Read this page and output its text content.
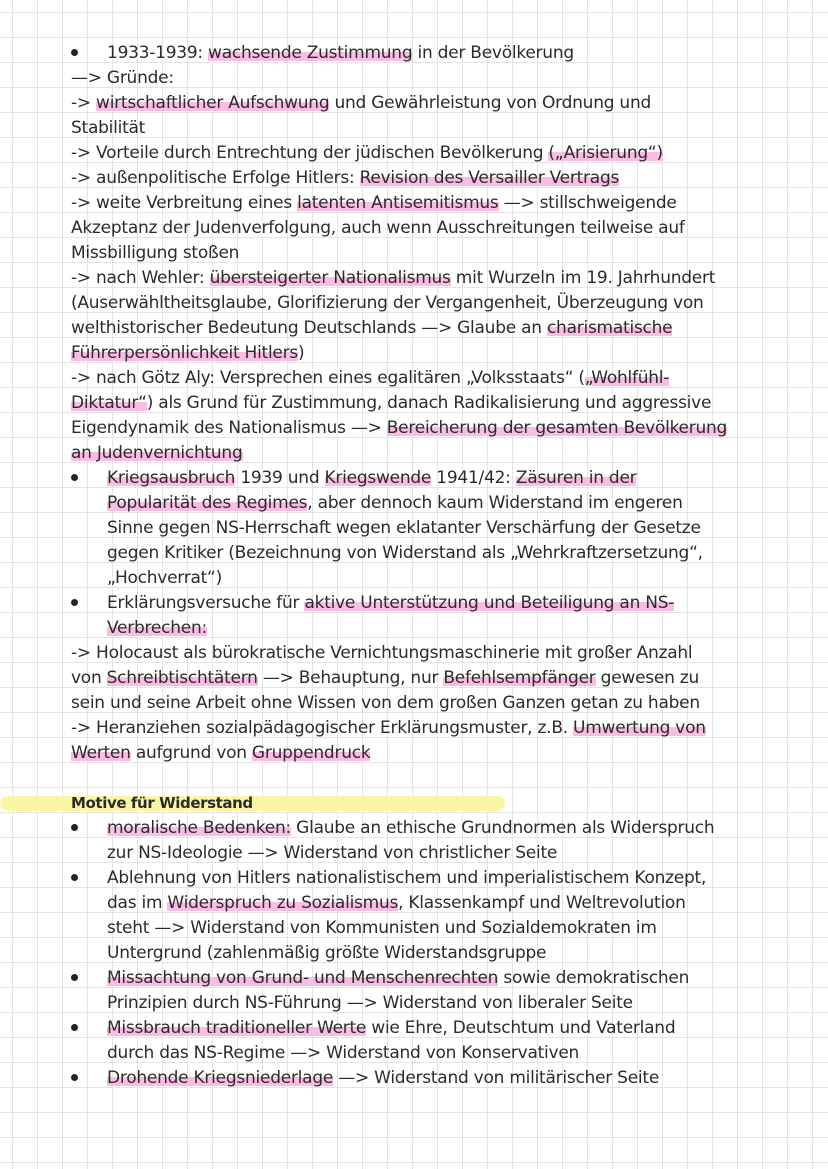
1933-1939: wachsende Zustimmung in der Bevölkerung
—> Gründe:
-> wirtschaftlicher Aufschwung und Gewährleistung von Ordnung und
Stabilität
-> Vorteile durch Entrechtung der jüdischen Bevölkerung („Arisierung“)
-> außenpolitische Erfolge Hitlers: Revision des Versailler Vertrags
-> weite Verbreitung eines latenten Antisemitismus —> stillschweigende
Akzeptanz der Judenverfolgung, auch wenn Ausschreitungen teilweise auf
Missbilligung stoßen
-> nach Wehler: übersteigerter Nationalismus mit Wurzeln im 19. Jahrhundert
(Auserwähltheitsglaube, Glorifizierung der Vergangenheit, Überzeugung von
welthistorischer Bedeutung Deutschlands —> Glaube an charismatische
Führerpersönlichkeit Hitlers)
-> nach Götz Aly: Versprechen eines egalitären „Volksstaats“ („Wohlfühl-
Diktatur“) als Grund für Zustimmung, danach Radikalisierung und aggressive
Eigendynamik des Nationalismus —> Bereicherung der gesamten Bevölkerung
an Judenvernichtung
Kriegsausbruch 1939 und Kriegswende 1941/42: Zäsuren in der
Popularität des Regimes, aber dennoch kaum Widerstand im engeren
Sinne gegen NS-Herrschaft wegen eklatanter Verschärfung der Gesetze
gegen Kritiker (Bezeichnung von Widerstand als „Wehrkraftzersetzung“,
„Hochverrat“)
Erklärungsversuche für aktive Unterstützung und Beteiligung an NS-
Verbrechen:
-> Holocaust als bürokratische Vernichtungsmaschinerie mit großer Anzahl
von Schreibtischtätern —> Behauptung, nur Befehlsempfänger gewesen zu
sein und seine Arbeit ohne Wissen von dem großen Ganzen getan zu haben
-> Heranziehen sozialpädagogischer Erklärungsmuster, z.B. Umwertung von
Werten aufgrund von Gruppendruck
Motive für Widerstand
moralische Bedenken: Glaube an ethische Grundnormen als Widerspruch
zur NS-Ideologie —> Widerstand von christlicher Seite
Ablehnung von Hitlers nationalistischem und imperialistischem Konzept,
das im Widerspruch zu Sozialismus, Klassenkampf und Weltrevolution
steht —> Widerstand von Kommunisten und Sozialdemokraten im
Untergrund (zahlenmäßig größte Widerstandsgruppe
Missachtung von Grund- und Menschenrechten sowie demokratischen
Prinzipien durch NS-Führung —> Widerstand von liberaler Seite
Missbrauch traditioneller Werte wie Ehre, Deutschtum und Vaterland
durch das NS-Regime —> Widerstand von Konservativen
Drohende Kriegsniederlage —> Widerstand von militärischer Seite
